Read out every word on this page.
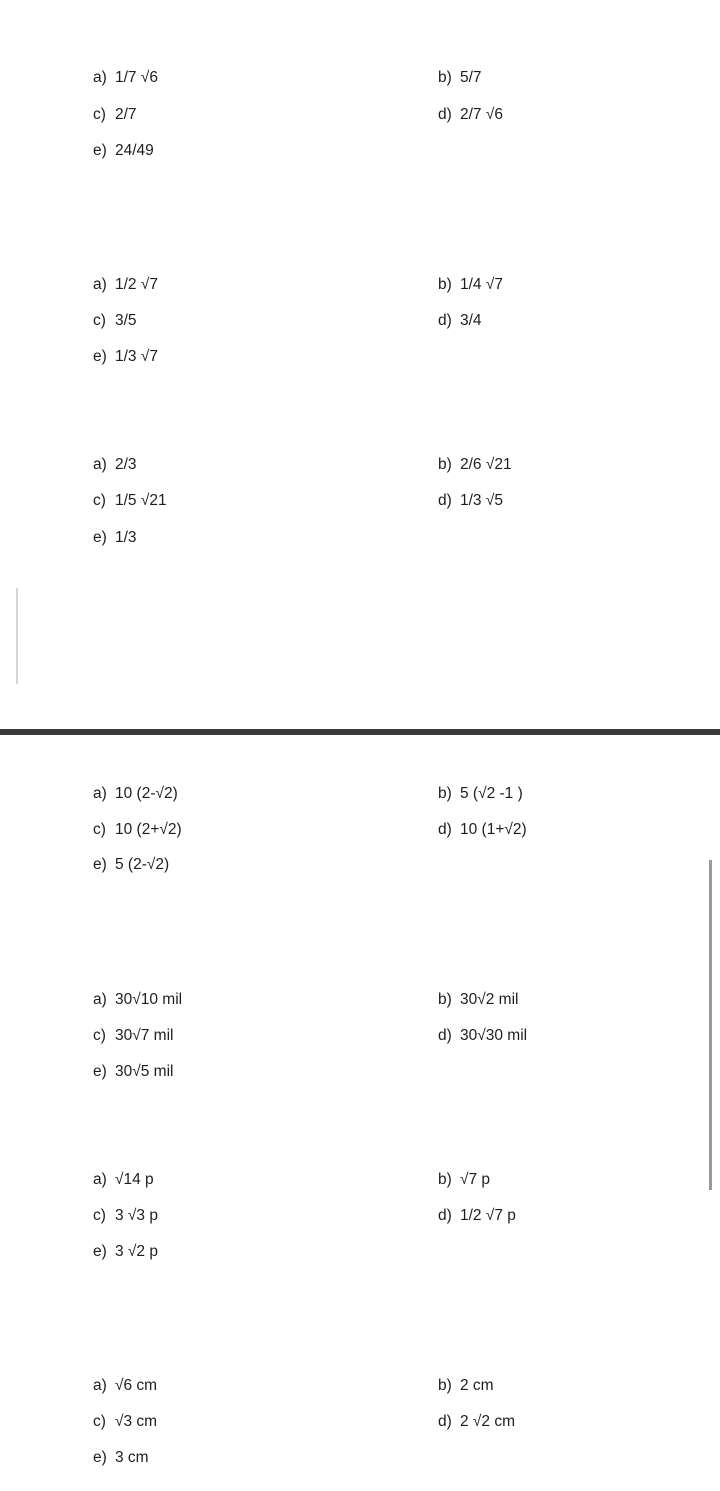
a) 1/7 √6	b) 5/7
c) 2/7	d) 2/7 √6
e) 24/49
a) 1/2 √7	b) 1/4 √7
c) 3/5	d) 3/4
e) 1/3 √7
a) 2/3	b) 2/6 √21
c) 1/5 √21	d) 1/3 √5
e) 1/3
a) 10 (2-√2)	b) 5 (√2 -1 )
c) 10 (2+√2)	d) 10 (1+√2)
e) 5 (2-√2)
a) 30√10 mil	b) 30√2 mil
c) 30√7 mil	d) 30√30 mil
e) 30√5 mil
a) √14 p	b) √7 p
c) 3 √3 p	d) 1/2 √7 p
e) 3 √2 p
a) √6 cm	b) 2 cm
c) √3 cm	d) 2 √2 cm
e) 3 cm
